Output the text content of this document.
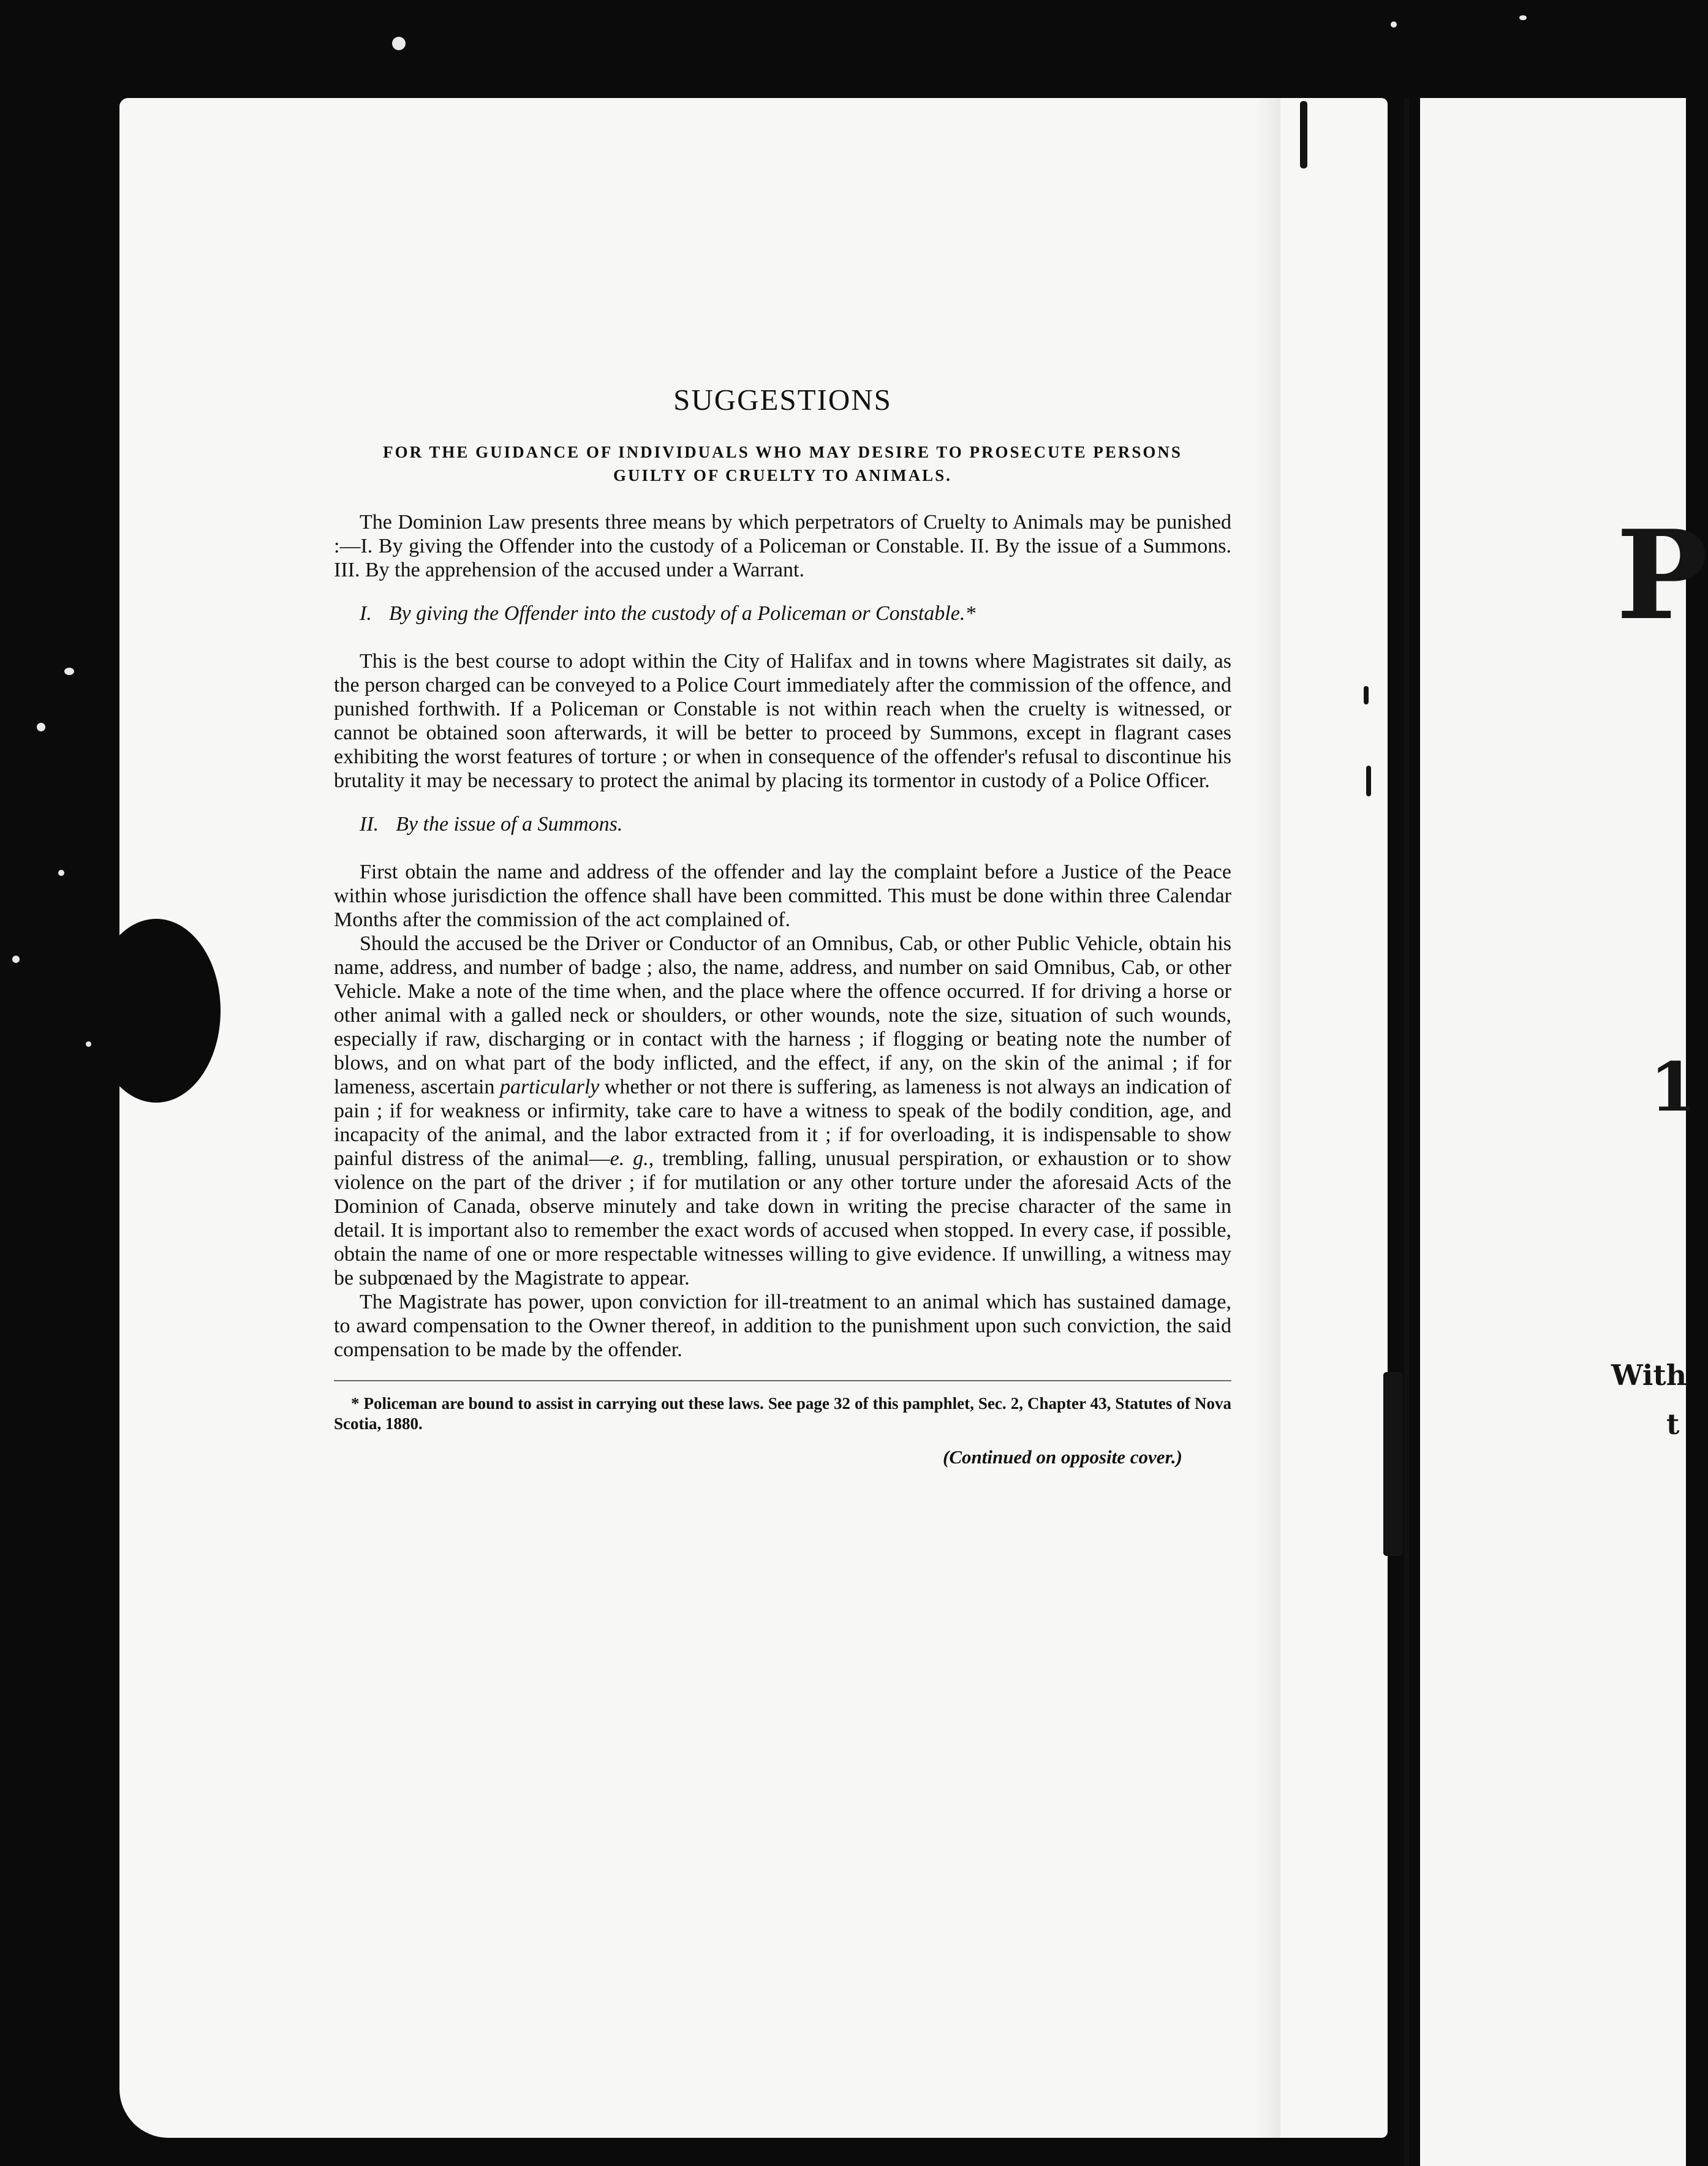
P
1
With
t
SUGGESTIONS
FOR THE GUIDANCE OF INDIVIDUALS WHO MAY DESIRE TO PROSECUTE PERSONS
GUILTY OF CRUELTY TO ANIMALS.

The Dominion Law presents three means by which perpetrators of Cruelty to Animals may be punished :—I. By giving the Offender into the custody of a Policeman or Constable. II. By the issue of a Summons. III. By the apprehension of the accused under a Warrant.

I. By giving the Offender into the custody of a Policeman or Constable.*

This is the best course to adopt within the City of Halifax and in towns where Magistrates sit daily, as the person charged can be conveyed to a Police Court immediately after the commission of the offence, and punished forthwith. If a Policeman or Constable is not within reach when the cruelty is witnessed, or cannot be obtained soon afterwards, it will be better to proceed by Summons, except in flagrant cases exhibiting the worst features of torture ; or when in consequence of the offender's refusal to discontinue his brutality it may be necessary to protect the animal by placing its tormentor in custody of a Police Officer.

II. By the issue of a Summons.

First obtain the name and address of the offender and lay the complaint before a Justice of the Peace within whose jurisdiction the offence shall have been committed. This must be done within three Calendar Months after the commission of the act complained of.

Should the accused be the Driver or Conductor of an Omnibus, Cab, or other Public Vehicle, obtain his name, address, and number of badge ; also, the name, address, and number on said Omnibus, Cab, or other Vehicle. Make a note of the time when, and the place where the offence occurred. If for driving a horse or other animal with a galled neck or shoulders, or other wounds, note the size, situation of such wounds, especially if raw, discharging or in contact with the harness ; if flogging or beating note the number of blows, and on what part of the body inflicted, and the effect, if any, on the skin of the animal ; if for lameness, ascertain particularly whether or not there is suffering, as lameness is not always an indication of pain ; if for weakness or infirmity, take care to have a witness to speak of the bodily condition, age, and incapacity of the animal, and the labor extracted from it ; if for overloading, it is indispensable to show painful distress of the animal—e. g., trembling, falling, unusual perspiration, or exhaustion or to show violence on the part of the driver ; if for mutilation or any other torture under the aforesaid Acts of the Dominion of Canada, observe minutely and take down in writing the precise character of the same in detail. It is important also to remember the exact words of accused when stopped. In every case, if possible, obtain the name of one or more respectable witnesses willing to give evidence. If unwilling, a witness may be subpœnaed by the Magistrate to appear.

The Magistrate has power, upon conviction for ill-treatment to an animal which has sustained damage, to award compensation to the Owner thereof, in addition to the punishment upon such conviction, the said compensation to be made by the offender.

* Policeman are bound to assist in carrying out these laws. See page 32 of this pamphlet, Sec. 2, Chapter 43, Statutes of Nova Scotia, 1880.
(Continued on opposite cover.)
